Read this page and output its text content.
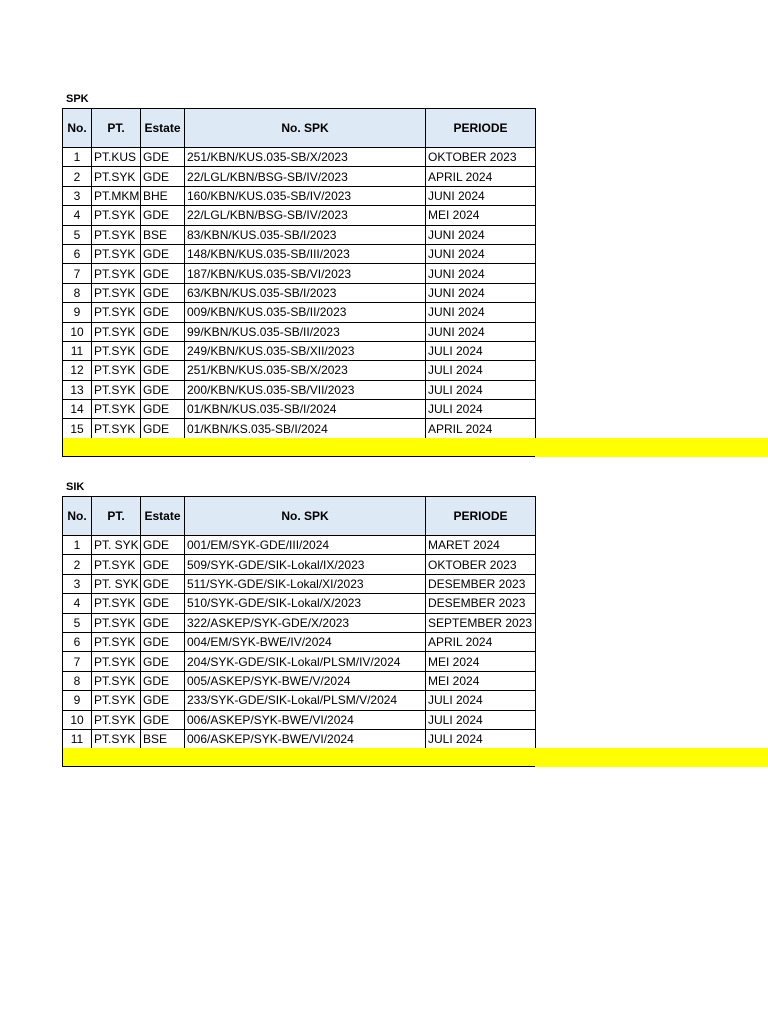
SPK
No.	PT.	Estate	No. SPK	PERIODE
1	PT.KUS	GDE	251/KBN/KUS.035-SB/X/2023	OKTOBER 2023
2	PT.SYK	GDE	22/LGL/KBN/BSG-SB/IV/2023	APRIL 2024
3	PT.MKM	BHE	160/KBN/KUS.035-SB/IV/2023	JUNI 2024
4	PT.SYK	GDE	22/LGL/KBN/BSG-SB/IV/2023	MEI 2024
5	PT.SYK	BSE	83/KBN/KUS.035-SB/I/2023	JUNI 2024
6	PT.SYK	GDE	148/KBN/KUS.035-SB/III/2023	JUNI 2024
7	PT.SYK	GDE	187/KBN/KUS.035-SB/VI/2023	JUNI 2024
8	PT.SYK	GDE	63/KBN/KUS.035-SB/I/2023	JUNI 2024
9	PT.SYK	GDE	009/KBN/KUS.035-SB/II/2023	JUNI 2024
10	PT.SYK	GDE	99/KBN/KUS.035-SB/II/2023	JUNI 2024
11	PT.SYK	GDE	249/KBN/KUS.035-SB/XII/2023	JULI 2024
12	PT.SYK	GDE	251/KBN/KUS.035-SB/X/2023	JULI 2024
13	PT.SYK	GDE	200/KBN/KUS.035-SB/VII/2023	JULI 2024
14	PT.SYK	GDE	01/KBN/KUS.035-SB/I/2024	JULI 2024
15	PT.SYK	GDE	01/KBN/KS.035-SB/I/2024	APRIL 2024
SIK
No.	PT.	Estate	No. SPK	PERIODE
1	PT. SYK	GDE	001/EM/SYK-GDE/III/2024	MARET 2024
2	PT.SYK	GDE	509/SYK-GDE/SIK-Lokal/IX/2023	OKTOBER 2023
3	PT. SYK	GDE	511/SYK-GDE/SIK-Lokal/XI/2023	DESEMBER 2023
4	PT.SYK	GDE	510/SYK-GDE/SIK-Lokal/X/2023	DESEMBER 2023
5	PT.SYK	GDE	322/ASKEP/SYK-GDE/X/2023	SEPTEMBER 2023
6	PT.SYK	GDE	004/EM/SYK-BWE/IV/2024	APRIL 2024
7	PT.SYK	GDE	204/SYK-GDE/SIK-Lokal/PLSM/IV/2024	MEI 2024
8	PT.SYK	GDE	005/ASKEP/SYK-BWE/V/2024	MEI 2024
9	PT.SYK	GDE	233/SYK-GDE/SIK-Lokal/PLSM/V/2024	JULI 2024
10	PT.SYK	GDE	006/ASKEP/SYK-BWE/VI/2024	JULI 2024
11	PT.SYK	BSE	006/ASKEP/SYK-BWE/VI/2024	JULI 2024
